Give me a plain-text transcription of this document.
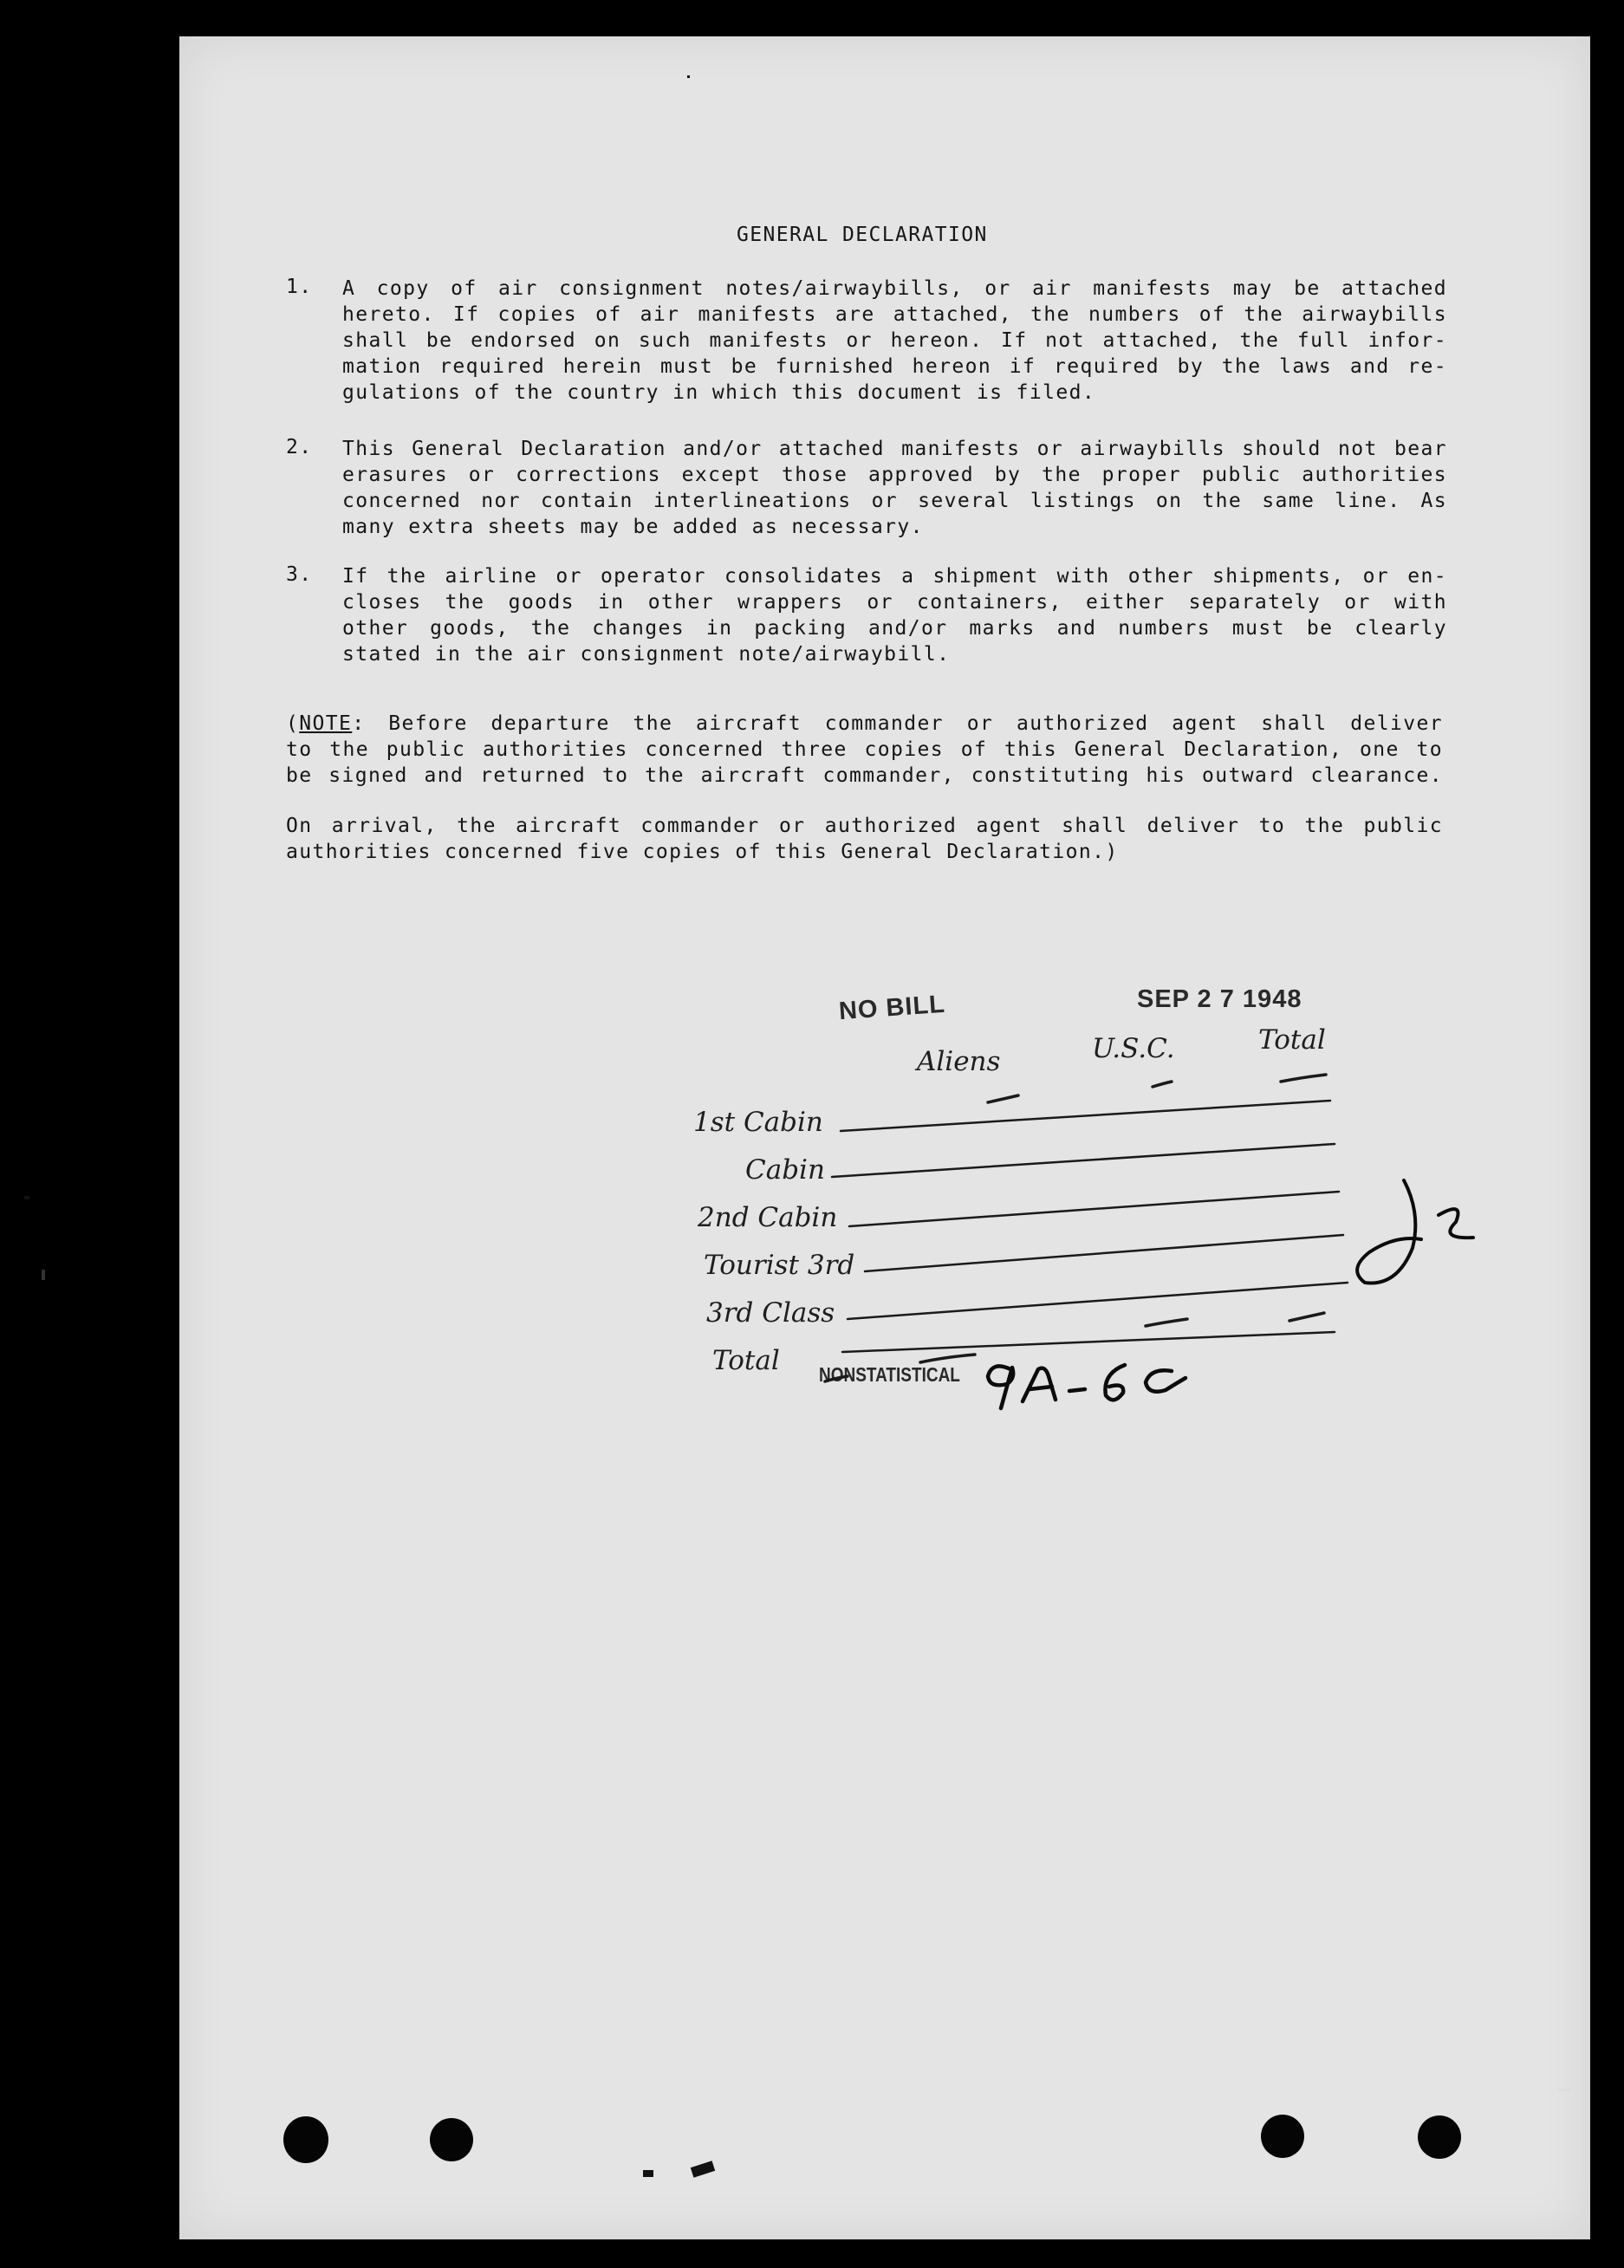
GENERAL DECLARATION
1. A copy of air consignment notes/airwaybills, or air manifests may be attached
hereto. If copies of air manifests are attached, the numbers of the airwaybills
shall be endorsed on such manifests or hereon. If not attached, the full infor-
mation required herein must be furnished hereon if required by the laws and re-
gulations of the country in which this document is filed.
2. This General Declaration and/or attached manifests or airwaybills should not bear
erasures or corrections except those approved by the proper public authorities
concerned nor contain interlineations or several listings on the same line. As
many extra sheets may be added as necessary.
3. If the airline or operator consolidates a shipment with other shipments, or en-
closes the goods in other wrappers or containers, either separately or with
other goods, the changes in packing and/or marks and numbers must be clearly
stated in the air consignment note/airwaybill.
(NOTE: Before departure the aircraft commander or authorized agent shall deliver
to the public authorities concerned three copies of this General Declaration, one to
be signed and returned to the aircraft commander, constituting his outward clearance.
On arrival, the aircraft commander or authorized agent shall deliver to the public
authorities concerned five copies of this General Declaration.)
NO BILL	SEP 2 7 1948
Aliens	U.S.C.	Total
1st Cabin
Cabin
2nd Cabin
Tourist 3rd
3rd Class
Total NONSTATISTICAL
